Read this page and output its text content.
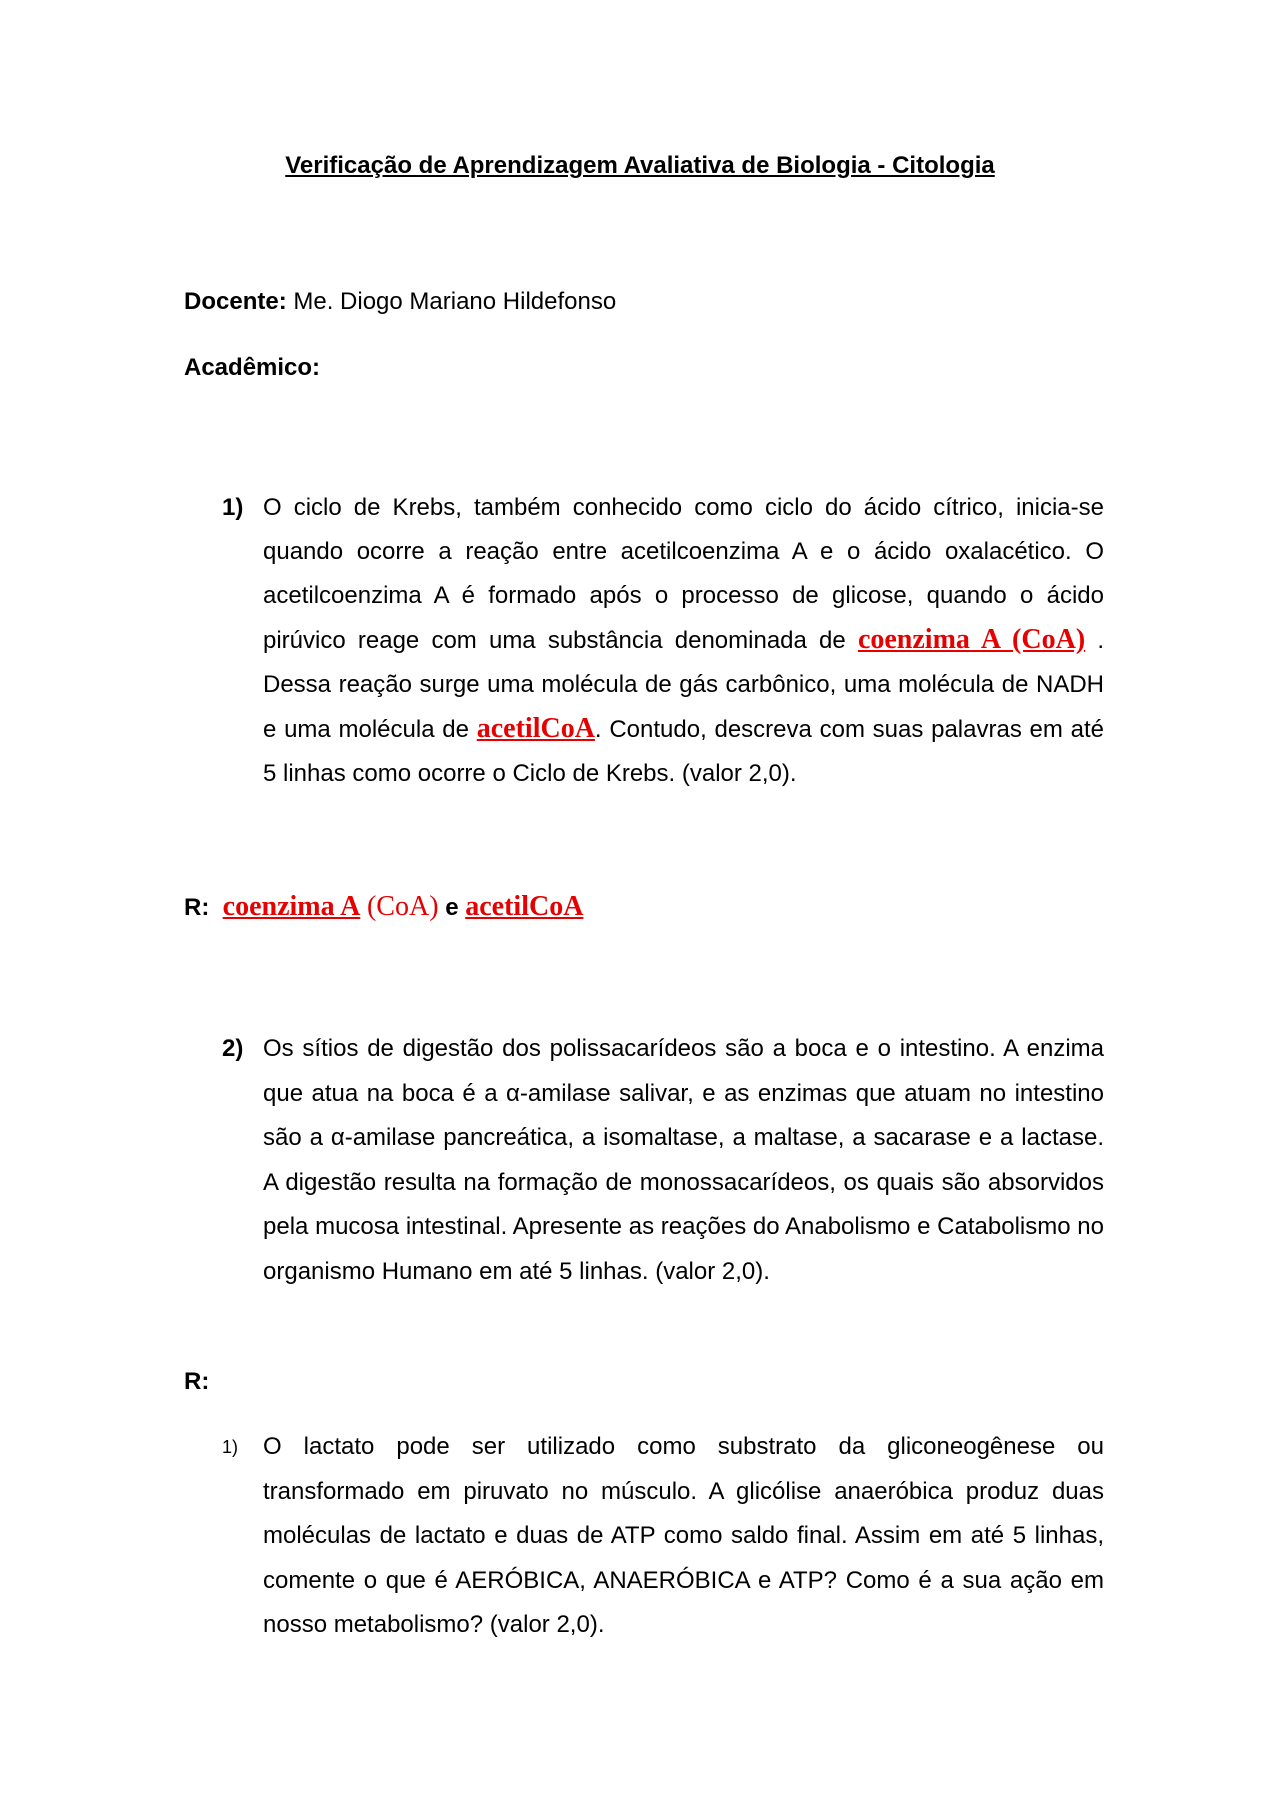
Verificação de Aprendizagem Avaliativa de Biologia - Citologia
Docente: Me. Diogo Mariano Hildefonso
Acadêmico:
1) O ciclo de Krebs, também conhecido como ciclo do ácido cítrico, inicia-se quando ocorre a reação entre acetilcoenzima A e o ácido oxalacético. O acetilcoenzima A é formado após o processo de glicose, quando o ácido pirúvico reage com uma substância denominada de coenzima A (CoA) . Dessa reação surge uma molécula de gás carbônico, uma molécula de NADH e uma molécula de acetilCoA. Contudo, descreva com suas palavras em até 5 linhas como ocorre o Ciclo de Krebs. (valor 2,0).
R: coenzima A (CoA) e acetilCoA
2) Os sítios de digestão dos polissacarídeos são a boca e o intestino. A enzima que atua na boca é a α-amilase salivar, e as enzimas que atuam no intestino são a α-amilase pancreática, a isomaltase, a maltase, a sacarase e a lactase. A digestão resulta na formação de monossacarídeos, os quais são absorvidos pela mucosa intestinal. Apresente as reações do Anabolismo e Catabolismo no organismo Humano em até 5 linhas. (valor 2,0).
R:
1) O lactato pode ser utilizado como substrato da gliconeogênese ou transformado em piruvato no músculo. A glicólise anaeróbica produz duas moléculas de lactato e duas de ATP como saldo final. Assim em até 5 linhas, comente o que é AERÓBICA, ANAERÓBICA e ATP? Como é a sua ação em nosso metabolismo? (valor 2,0).
